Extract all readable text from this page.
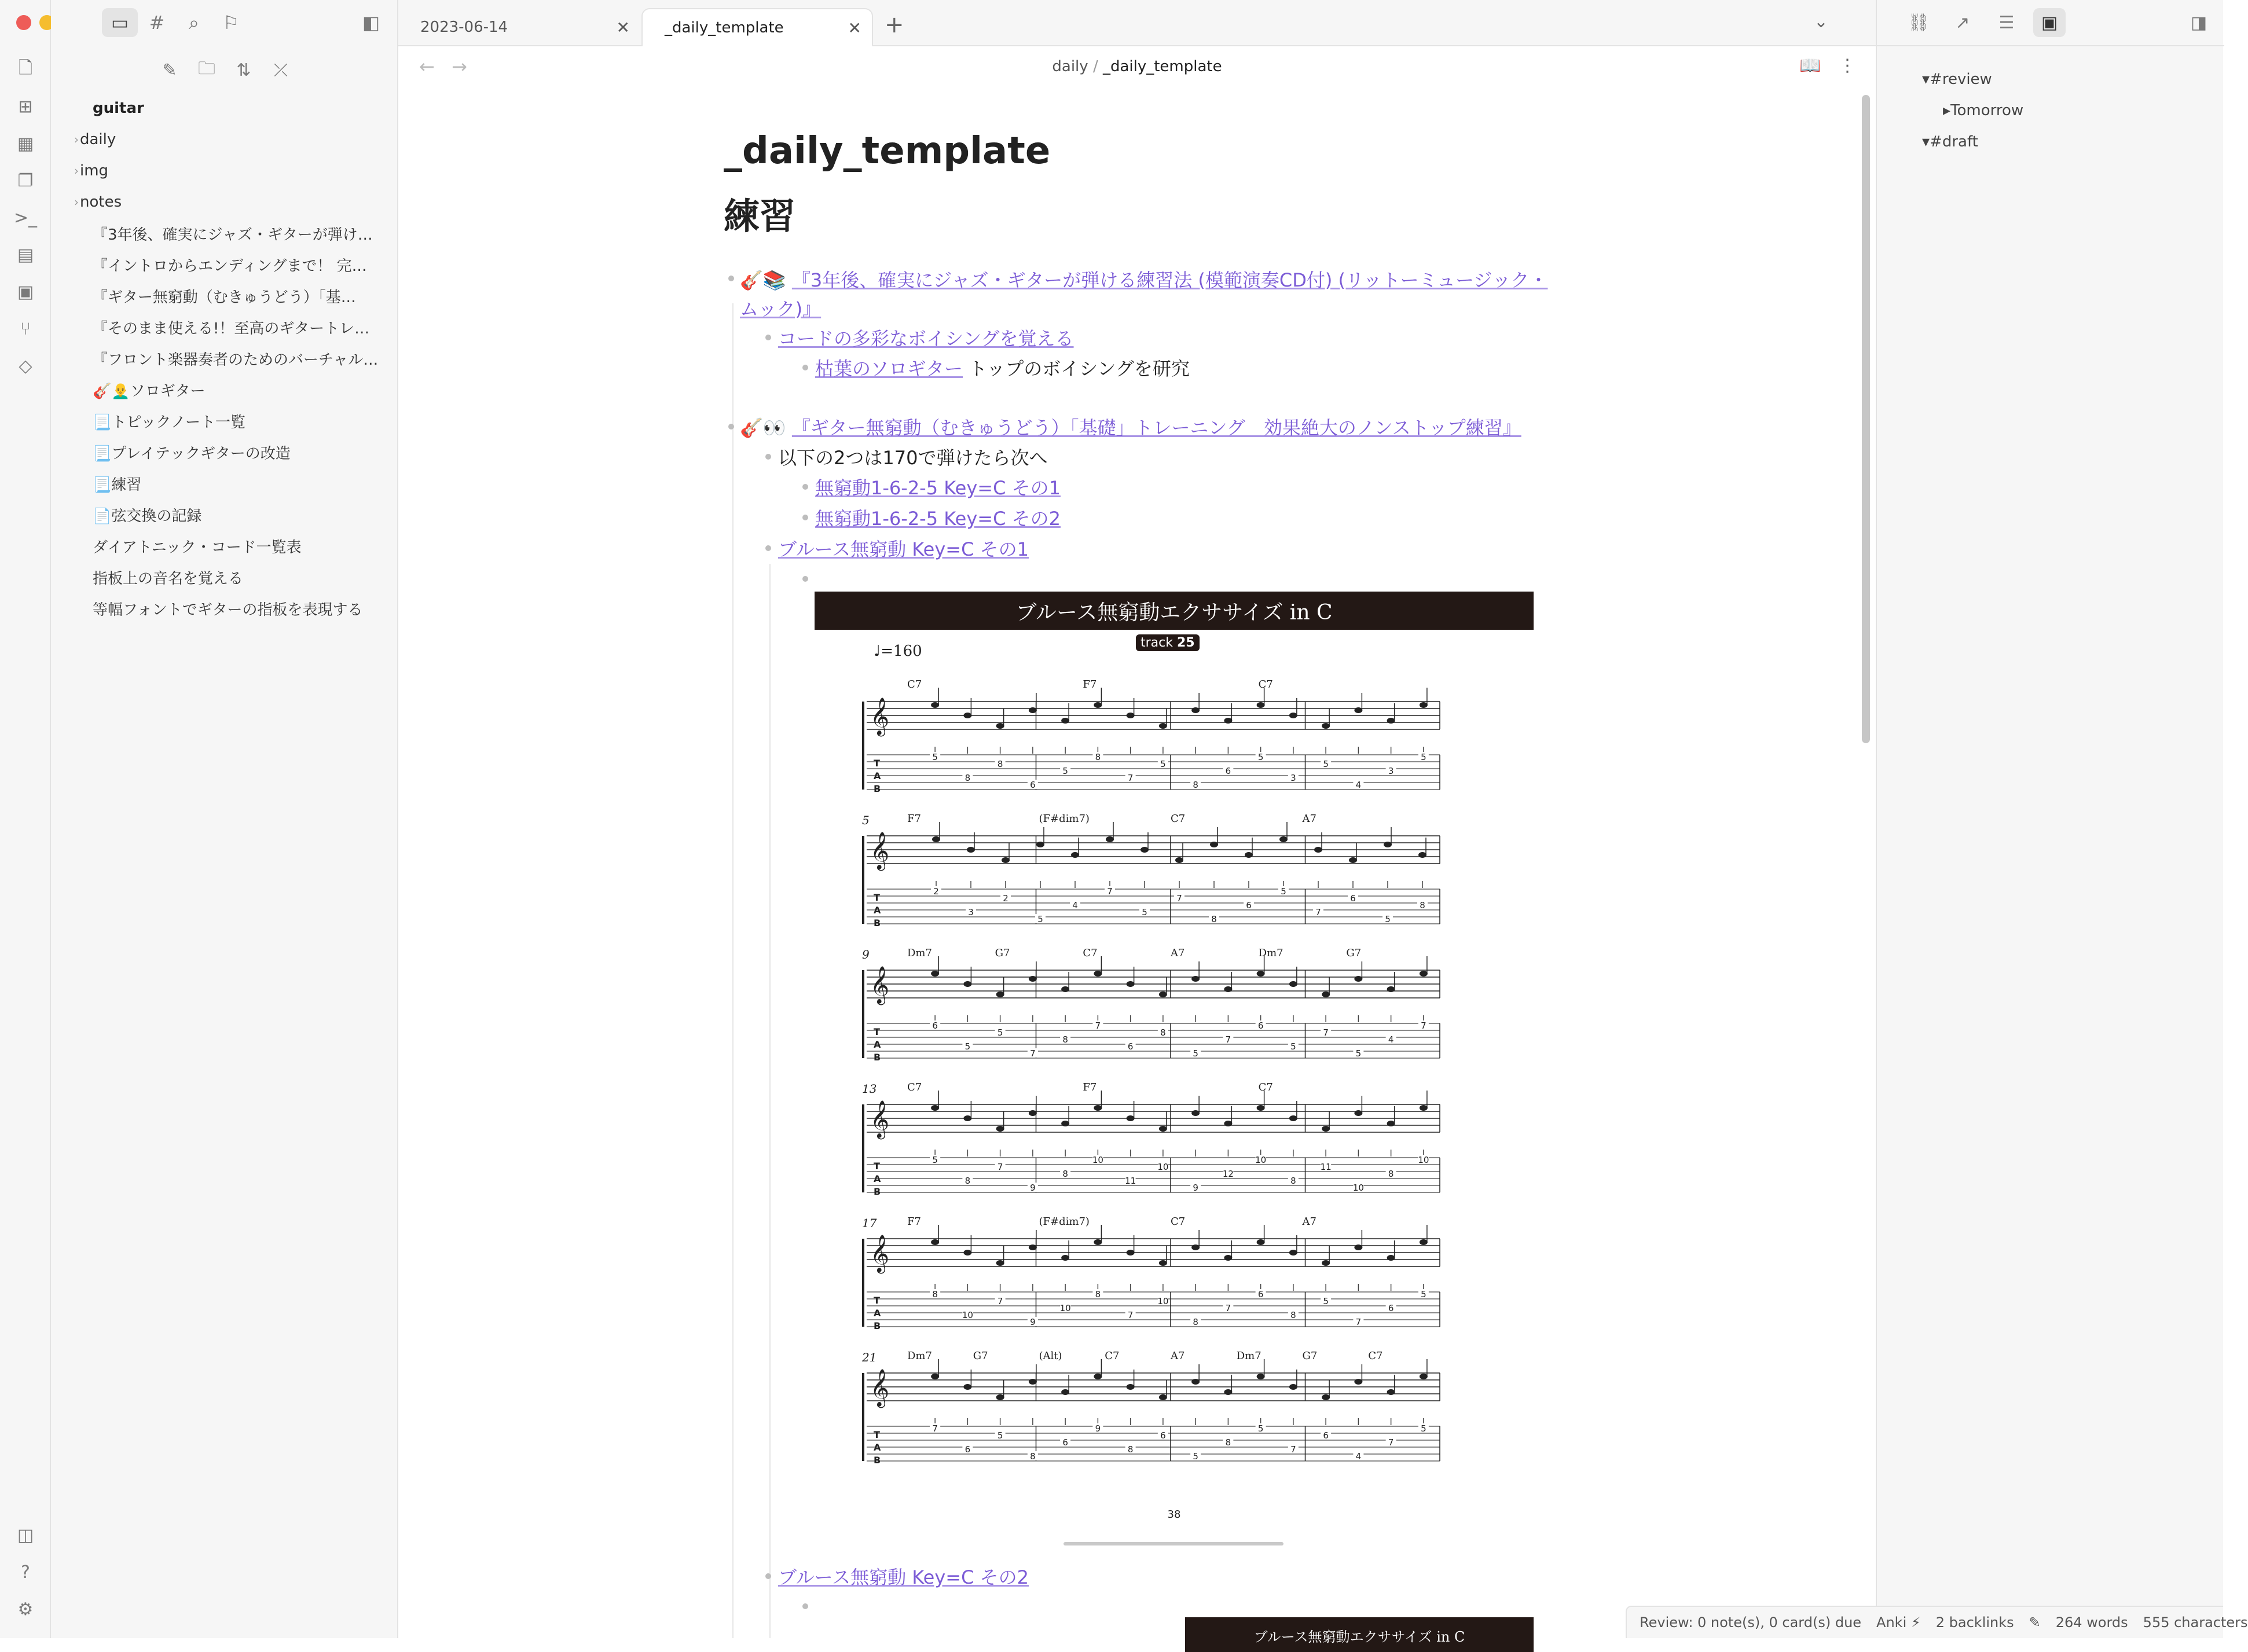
🗋
⊞
▦
❐
>_
▤
▣
⑂
◇
◫
?
⚙
▭	#	⌕	⚐	◧
✎	🗀	⇅	⤫
guitar
› daily
› img
› notes
『3年後、確実にジャズ・ギターが弾け…
『イントロからエンディングまで！ 完…
『ギター無窮動（むきゅうどう）「基…
『そのまま使える!！至高のギタートレ…
『フロント楽器奏者のためのバーチャル…
🎸👨‍🦲ソロギター
📃トピックノート一覧
📃プレイテックギターの改造
📃練習
📄弦交換の記録
ダイアトニック・コード一覧表
指板上の音名を覚える
等幅フォントでギターの指板を表現する
2023-06-14	✕ _daily_template	✕ +	⌄	⛓	↗	☰	▣	◨
▾#review
▸Tomorrow
▾#draft
← →	daily / _daily_template	📖 ⋮
_daily_template
練習
🎸📚 『3年後、確実にジャズ・ギターが弾ける練習法 (模範演奏CD付) (リットーミュージック・
ムック)』
コードの多彩なボイシングを覚える
枯葉のソロギター トップのボイシングを研究
🎸👀 『ギター無窮動（むきゅうどう）「基礎」トレーニング　効果絶大のノンストップ練習』
以下の2つは170で弾けたら次へ
無窮動1-6-2-5 Key=C その1
無窮動1-6-2-5 Key=C その2
ブルース無窮動 Key=C その1
ブルース無窮動エクササイズ in C
track 25
♩=160
𝄞
T
A
B
C7	F7	C7
5
8
8
6
5
8
7
5
8
6
5
3
5
4
3
5
𝄞
T
A
B
5	F7	(F#dim7)	C7	A7
2
3
2
5
4
7
5
7
8
6
5
7
6
5
8
𝄞
T
A
B
9	Dm7	G7	C7	A7	Dm7	G7
6
5
5
7
8
7
6
8
5
7
6
5
7
5
4
7
𝄞
T
A
B
13	C7	F7	C7
5
8
7
9
8
10
11
10
9
12
10
8
11
10
8
10
𝄞
T
A
B
17	F7	(F#dim7)	C7	A7
8
10
7
9
10
8
7
10
8
7
6
8
5
7
6
5
𝄞
T
A
B
21	Dm7	G7	(Alt)	C7	A7	Dm7	G7	C7
7
6
5
8
6
9
8
6
5
8
5
7
6
4
7
5
38
ブルース無窮動 Key=C その2
ブルース無窮動エクササイズ in C
Review: 0 note(s), 0 card(s) due Anki ⚡ 2 backlinks ✎ 264 words 555 characters
